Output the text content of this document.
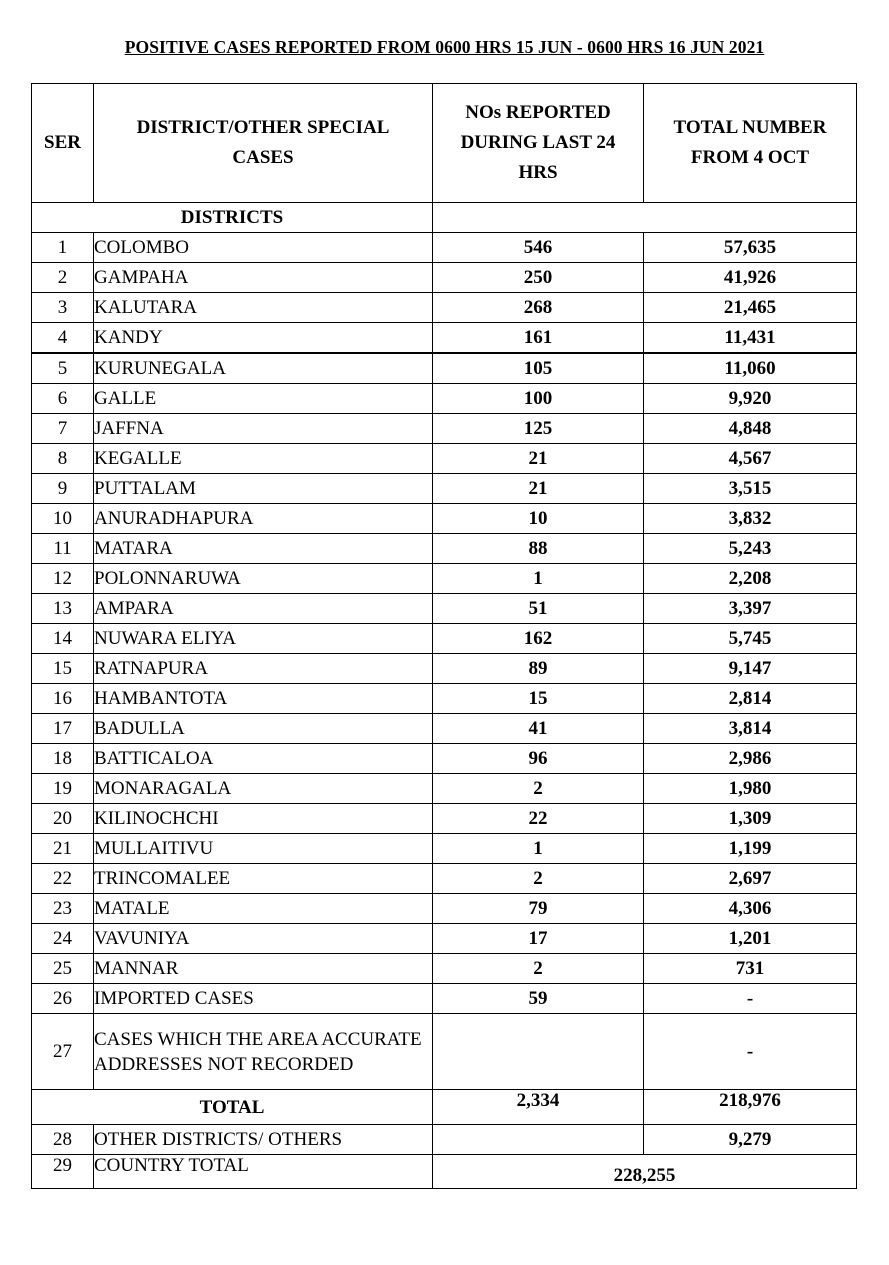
POSITIVE CASES REPORTED FROM 0600 HRS 15 JUN - 0600 HRS 16 JUN 2021
SER	DISTRICT/OTHER SPECIAL CASES	NOs REPORTED DURING LAST 24 HRS	TOTAL NUMBER FROM 4 OCT
DISTRICTS			
1	COLOMBO	546	57,635
2	GAMPAHA	250	41,926
3	KALUTARA	268	21,465
4	KANDY	161	11,431
5	KURUNEGALA	105	11,060
6	GALLE	100	9,920
7	JAFFNA	125	4,848
8	KEGALLE	21	4,567
9	PUTTALAM	21	3,515
10	ANURADHAPURA	10	3,832
11	MATARA	88	5,243
12	POLONNARUWA	1	2,208
13	AMPARA	51	3,397
14	NUWARA ELIYA	162	5,745
15	RATNAPURA	89	9,147
16	HAMBANTOTA	15	2,814
17	BADULLA	41	3,814
18	BATTICALOA	96	2,986
19	MONARAGALA	2	1,980
20	KILINOCHCHI	22	1,309
21	MULLAITIVU	1	1,199
22	TRINCOMALEE	2	2,697
23	MATALE	79	4,306
24	VAVUNIYA	17	1,201
25	MANNAR	2	731
26	IMPORTED CASES	59	-
27	CASES WHICH THE AREA ACCURATE ADDRESSES NOT RECORDED		-
TOTAL		2,334	218,976
28	OTHER DISTRICTS/ OTHERS		9,279
29	COUNTRY TOTAL	228,255	
